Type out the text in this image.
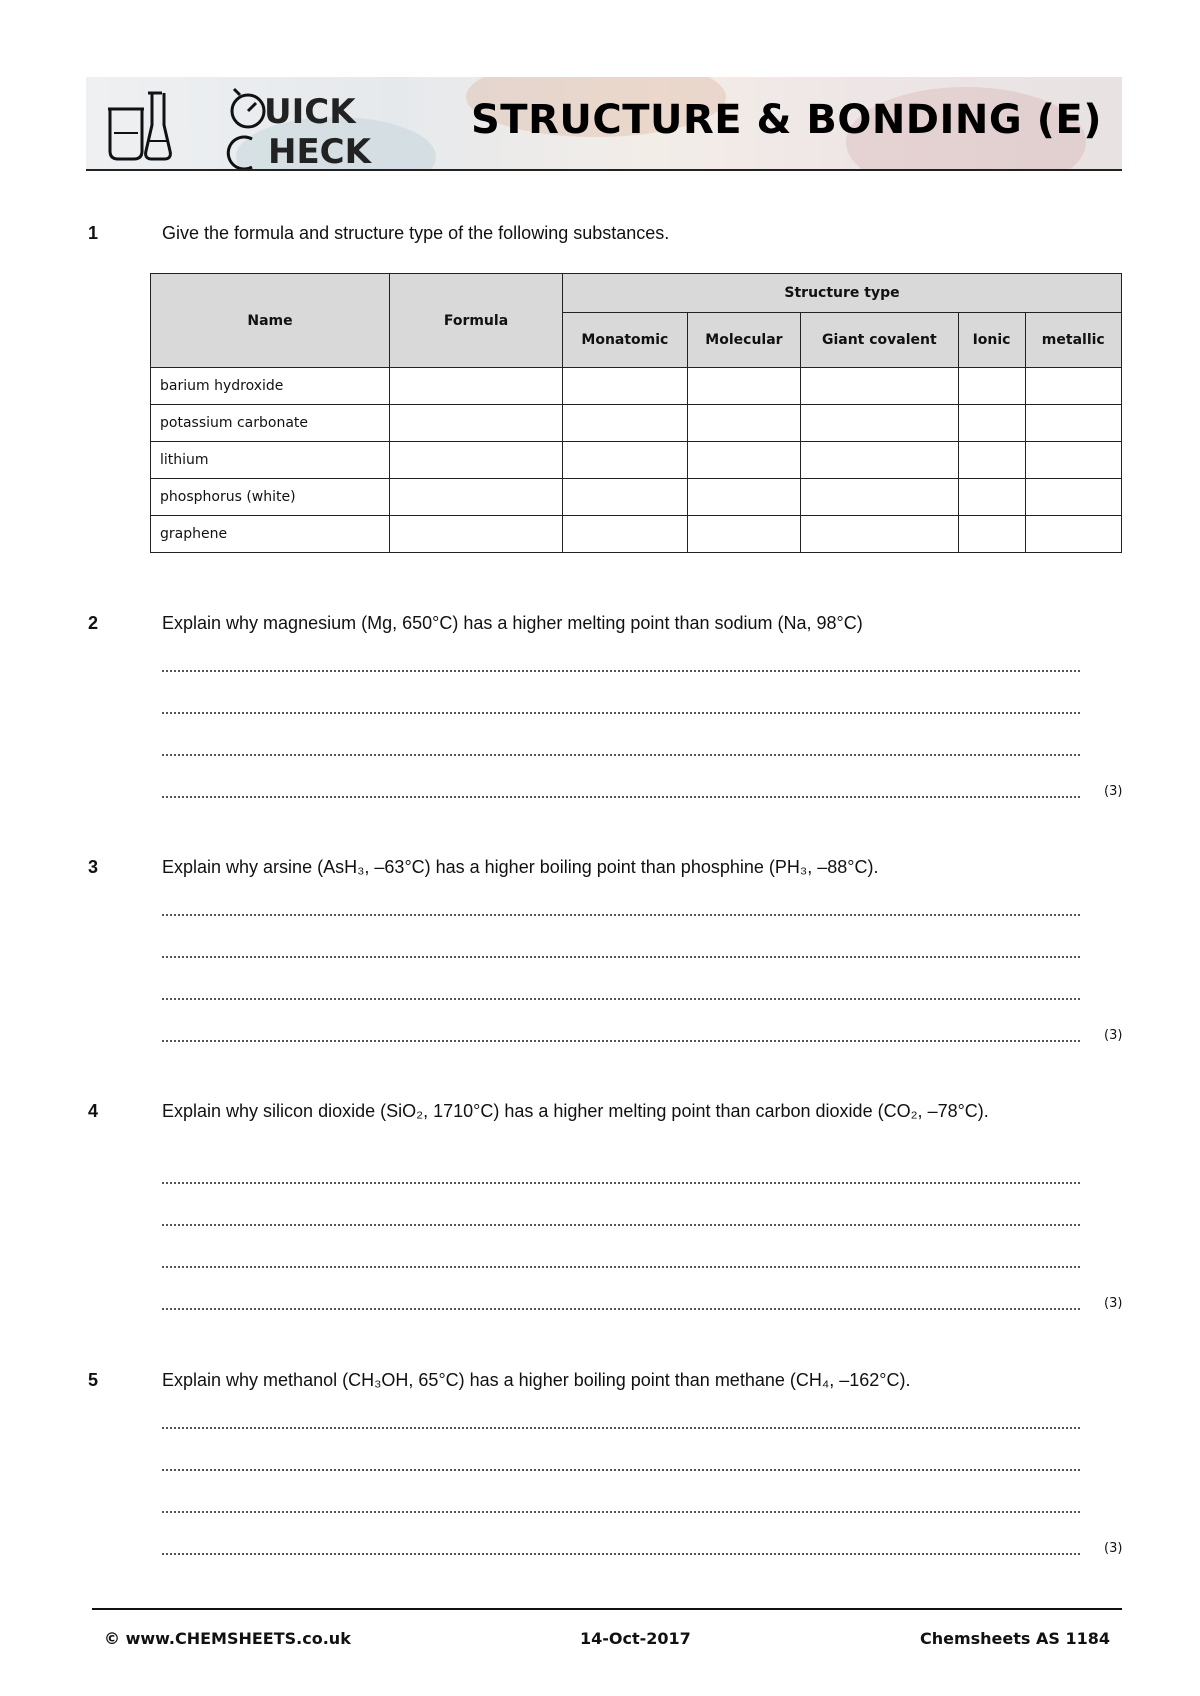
UICK
HECK
STRUCTURE & BONDING (E)
1	Give the formula and structure type of the following substances.
Name	Formula	Structure type				
		Monatomic	Molecular	Giant covalent	Ionic	metallic
barium hydroxide						
potassium carbonate						
lithium						
phosphorus (white)						
graphene						
2	Explain why magnesium (Mg, 650°C) has a higher melting point than sodium (Na, 98°C)
(3)
3	Explain why arsine (AsH₃, –63°C) has a higher boiling point than phosphine (PH₃, –88°C).
(3)
4	Explain why silicon dioxide (SiO₂, 1710°C) has a higher melting point than carbon dioxide (CO₂, –78°C).
(3)
5	Explain why methanol (CH₃OH, 65°C) has a higher boiling point than methane (CH₄, –162°C).
(3)
© www.CHEMSHEETS.co.uk	14-Oct-2017	Chemsheets AS 1184
